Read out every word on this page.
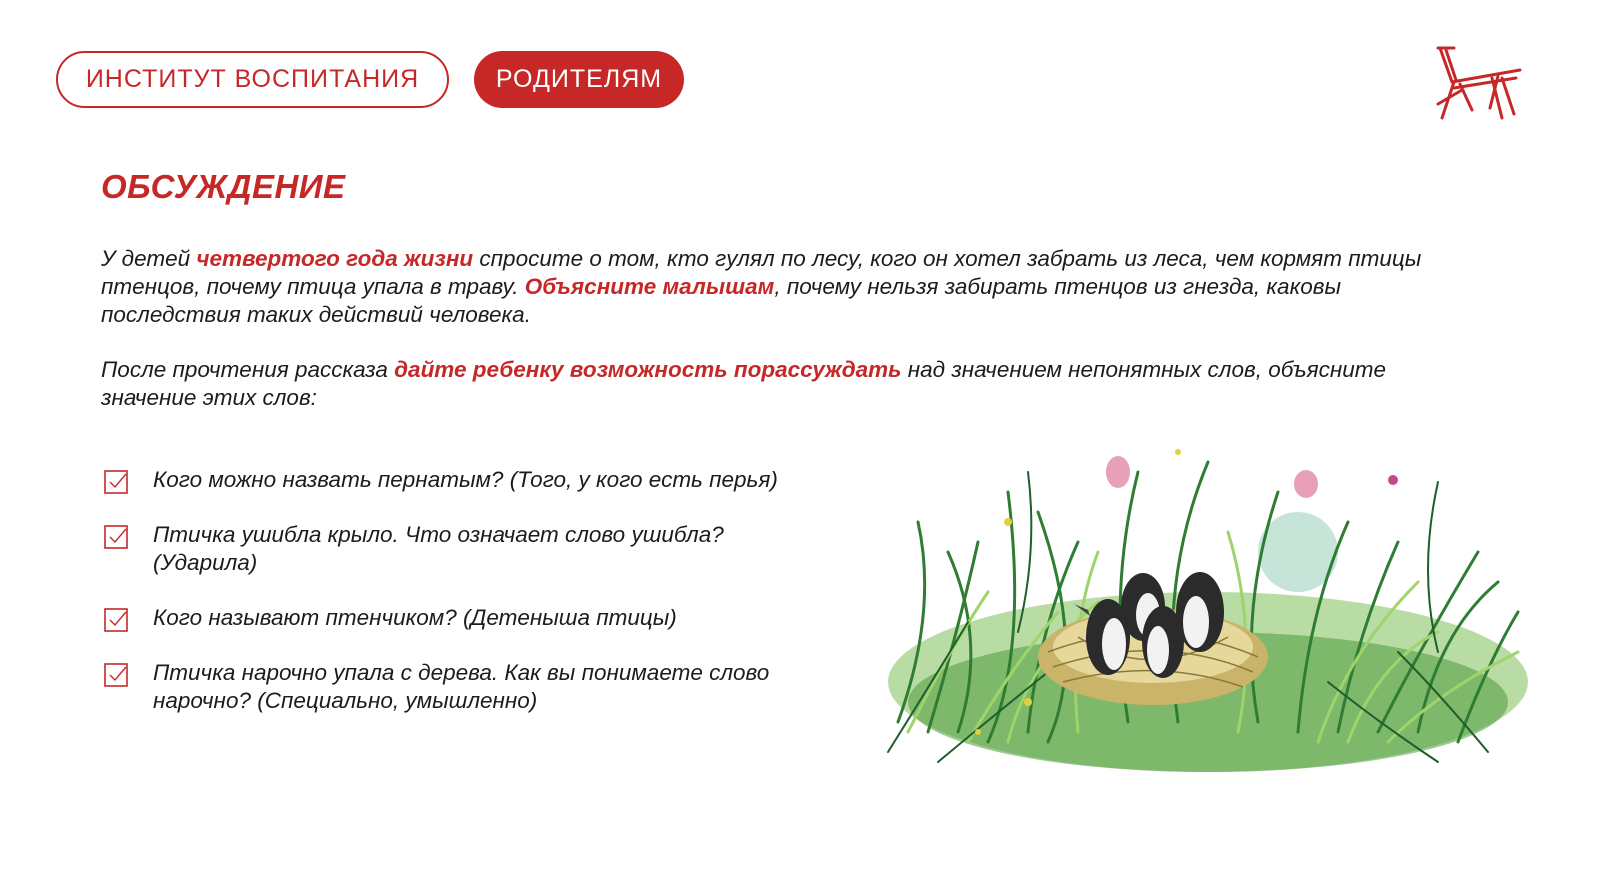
ИНСТИТУТ ВОСПИТАНИЯ	РОДИТЕЛЯМ
ОБСУЖДЕНИЕ

У детей четвертого года жизни спросите о том, кто гулял по лесу, кого он хотел забрать из леса, чем кормят птицы птенцов, почему птица упала в траву. Объясните малышам, почему нельзя забирать птенцов из гнезда, каковы последствия таких действий человека.

После прочтения рассказа дайте ребенку возможность порассуждать над значением непонятных слов, объясните значение этих слов:

Кого можно назвать пернатым? (Того, у кого есть перья)
Птичка ушибла крыло. Что означает слово ушибла? (Ударила)
Кого называют птенчиком? (Детеныша птицы)
Птичка нарочно упала с дерева. Как вы понимаете слово нарочно? (Специально, умышленно)
